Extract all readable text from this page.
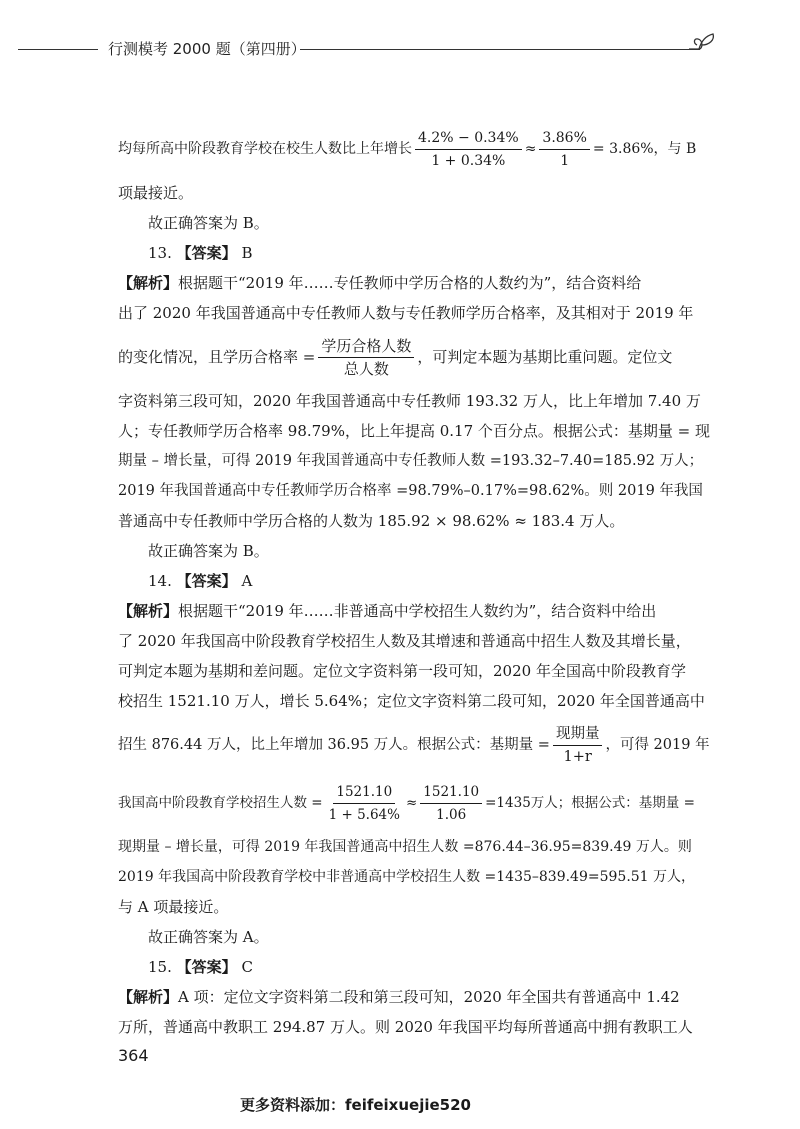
行测模考 2000 题（第四册）
均每所高中阶段教育学校在校生人数比上年增长 $\frac{4.2\% - 0.34\%}{1 + 0.34\%} \approx \frac{3.86\%}{1} = 3.86\%$，与 B
项最接近。
故正确答案为 B。
13. 【答案】 B
【解析】根据题干“2019 年……专任教师中学历合格的人数约为”，结合资料给
出了 2020 年我国普通高中专任教师人数与专任教师学历合格率，及其相对于 2019 年
的变化情况，且学历合格率 = $\frac{\text{学历合格人数}}{\text{总人数}}$ ，可判定本题为基期比重问题。定位文
字资料第三段可知，2020 年我国普通高中专任教师 193.32 万人，比上年增加 7.40 万
人；专任教师学历合格率 98.79%，比上年提高 0.17 个百分点。根据公式：基期量 = 现
期量 – 增长量，可得 2019 年我国普通高中专任教师人数 =193.32–7.40=185.92 万人；
2019 年我国普通高中专任教师学历合格率 =98.79%–0.17%=98.62%。则 2019 年我国
普通高中专任教师中学历合格的人数为 185.92 × 98.62% ≈ 183.4 万人。
故正确答案为 B。
14. 【答案】 A
【解析】根据题干“2019 年……非普通高中学校招生人数约为”，结合资料中给出
了 2020 年我国高中阶段教育学校招生人数及其增速和普通高中招生人数及其增长量，
可判定本题为基期和差问题。定位文字资料第一段可知，2020 年全国高中阶段教育学
校招生 1521.10 万人，增长 5.64%；定位文字资料第二段可知，2020 年全国普通高中
招生 876.44 万人，比上年增加 36.95 万人。根据公式：基期量 = $\frac{\text{现期量}}{1+r}$ ，可得 2019 年
我国高中阶段教育学校招生人数 = $\frac{1521.10}{1 + 5.64\%} \approx \frac{1521.10}{1.06} =1435$万人；根据公式：基期量 =
现期量 – 增长量，可得 2019 年我国普通高中招生人数 =876.44–36.95=839.49 万人。则
2019 年我国高中阶段教育学校中非普通高中学校招生人数 =1435–839.49=595.51 万人，
与 A 项最接近。
故正确答案为 A。
15. 【答案】 C
【解析】A 项：定位文字资料第二段和第三段可知，2020 年全国共有普通高中 1.42
万所，普通高中教职工 294.87 万人。则 2020 年我国平均每所普通高中拥有教职工人
364
更多资料添加：feifeixuejie520
